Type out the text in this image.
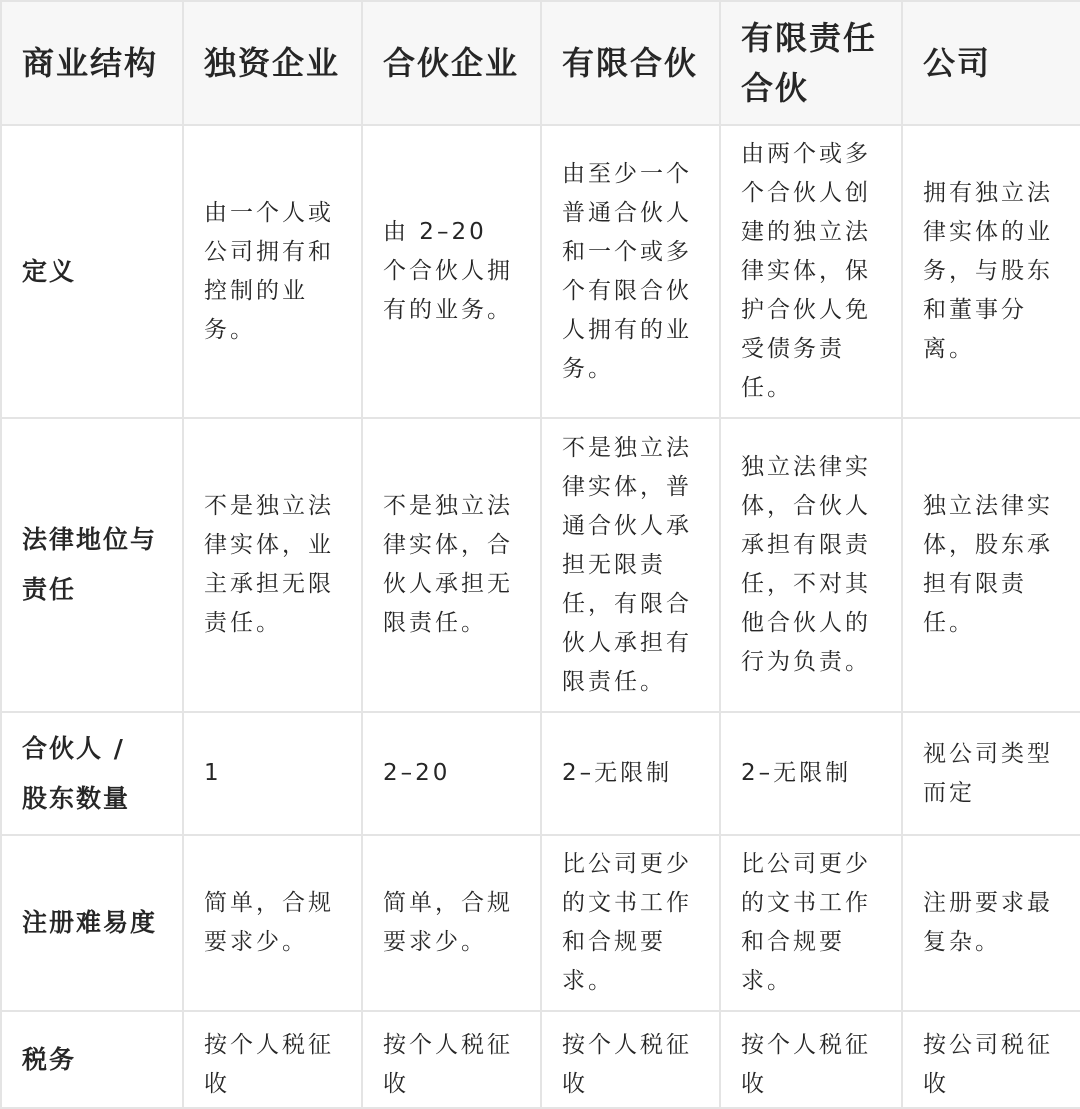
商业结构	独资企业	合伙企业	有限合伙	有限责任合伙	公司
定义	由一个人或公司拥有和控制的业务。	由 2–20 个合伙人拥有的业务。	由至少一个普通合伙人和一个或多个有限合伙人拥有的业务。	由两个或多个合伙人创建的独立法律实体，保护合伙人免受债务责任。	拥有独立法律实体的业务，与股东和董事分离。
法律地位与责任	不是独立法律实体，业主承担无限责任。	不是独立法律实体，合伙人承担无限责任。	不是独立法律实体，普通合伙人承担无限责任，有限合伙人承担有限责任。	独立法律实体，合伙人承担有限责任，不对其他合伙人的行为负责。	独立法律实体，股东承担有限责任。
合伙人 / 股东数量	1	2–20	2–无限制	2–无限制	视公司类型而定
注册难易度	简单，合规要求少。	简单，合规要求少。	比公司更少的文书工作和合规要求。	比公司更少的文书工作和合规要求。	注册要求最复杂。
税务	按个人税征收	按个人税征收	按个人税征收	按个人税征收	按公司税征收
